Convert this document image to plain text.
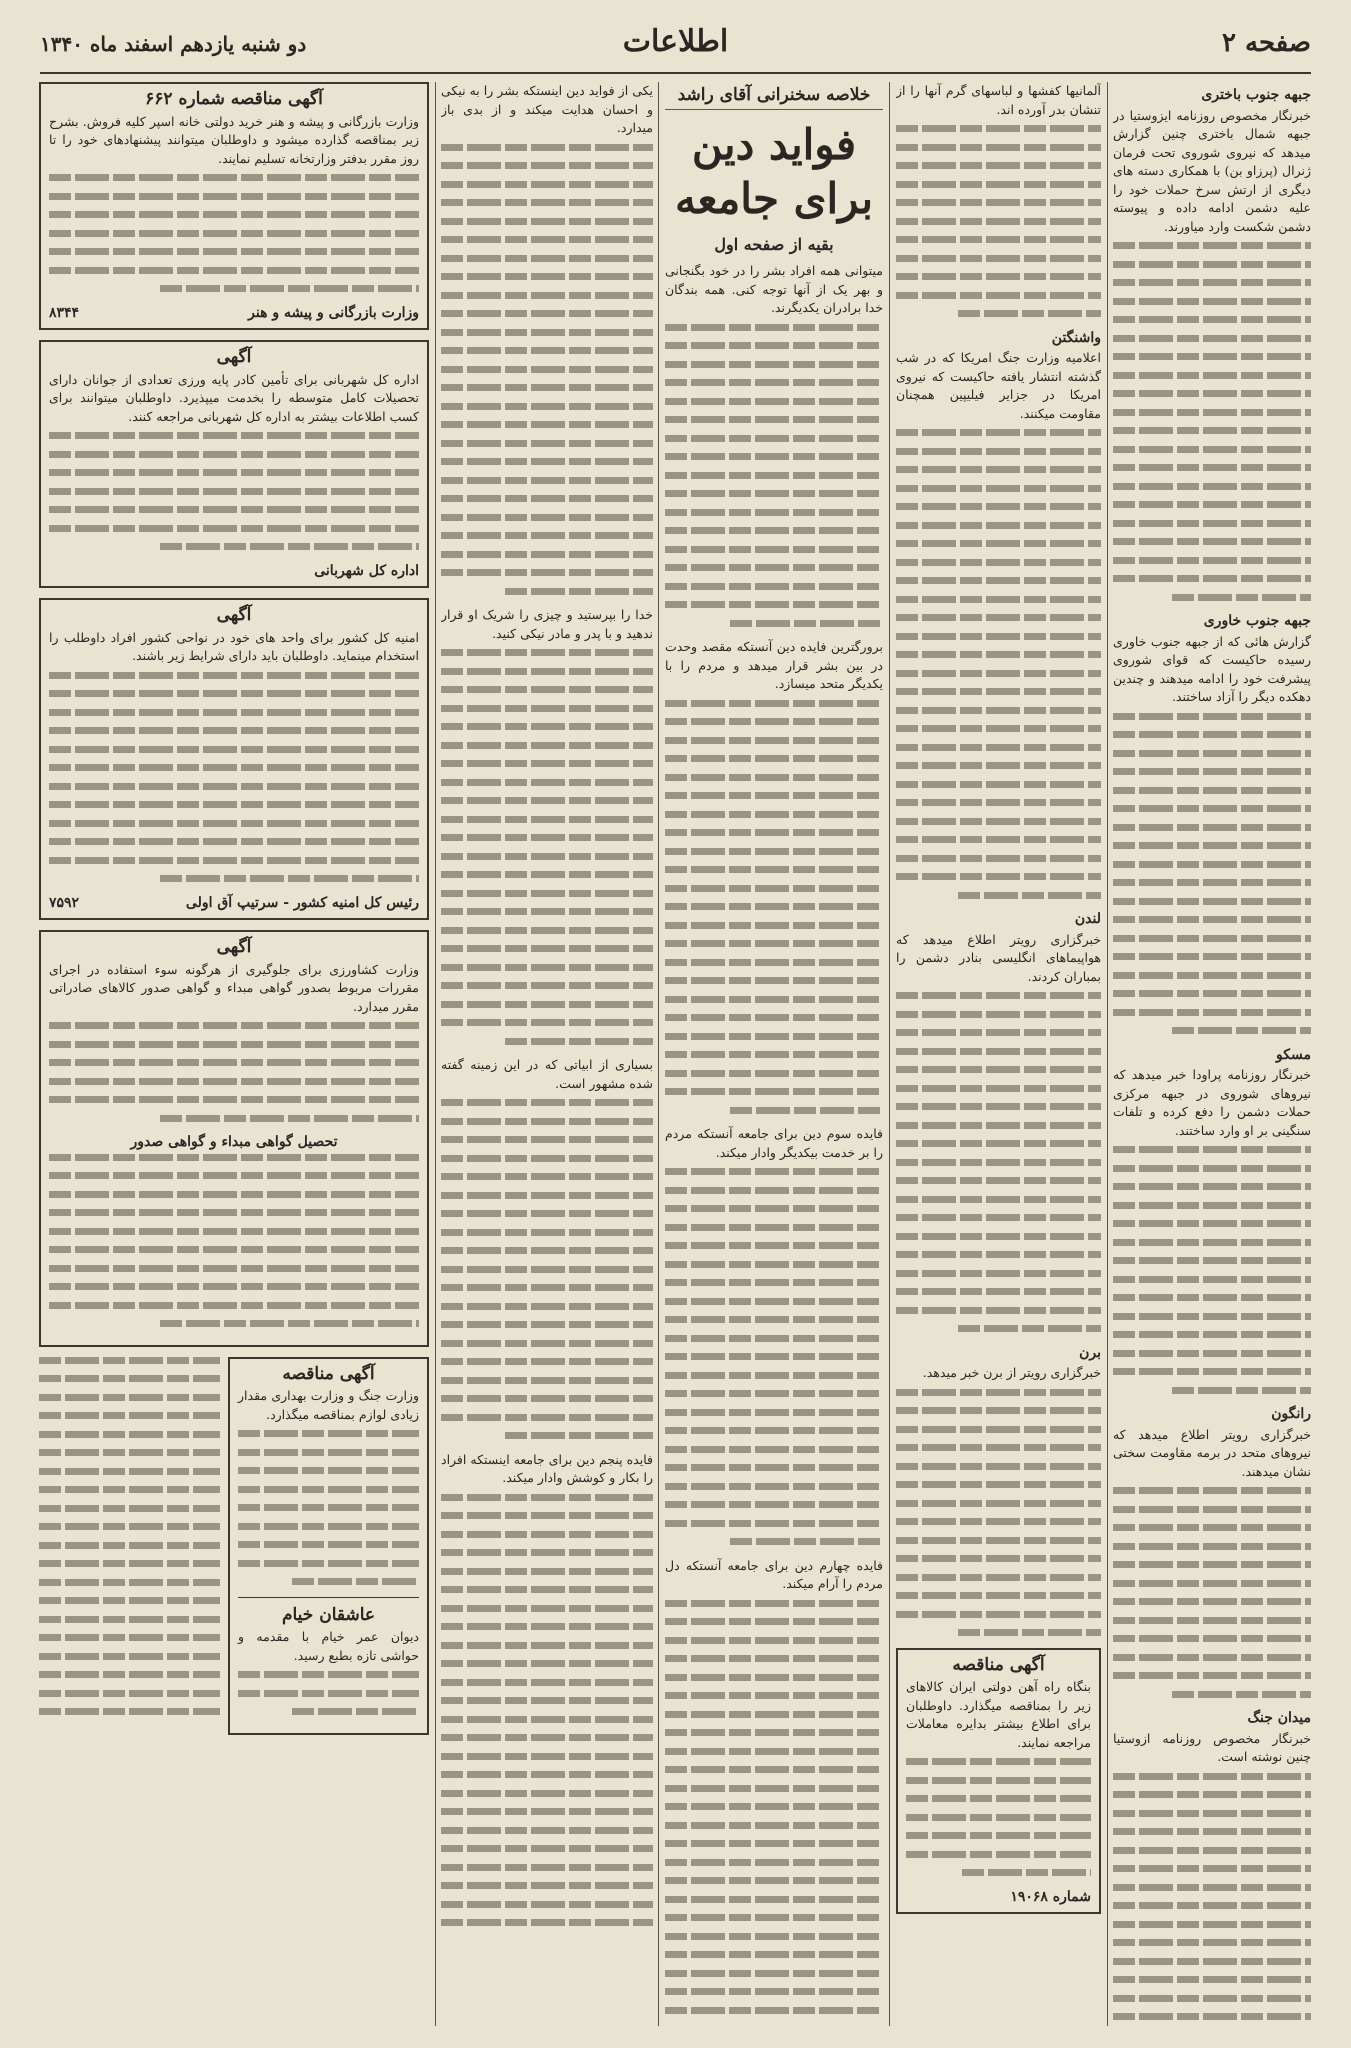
صفحه ۲
اطلاعات
دو شنبه یازدهم اسفند ماه ۱۳۴۰
جبهه جنوب باختری

خبرنگار مخصوص روزنامه ایزوستیا در جبهه شمال باختری چنین گزارش میدهد که نیروی شوروی تحت فرمان ژنرال (پرزاو بن) با همکاری دسته های دیگری از ارتش سرخ حملات خود را علیه دشمن ادامه داده و پیوسته دشمن شکست وارد میاورند.

جبهه جنوب خاوری

گزارش هائی که از جبهه جنوب خاوری رسیده حاکیست که قوای شوروی پیشرفت خود را ادامه میدهند و چندین دهکده دیگر را آزاد ساختند.

مسکو

خبرنگار روزنامه پراودا خبر میدهد که نیروهای شوروی در جبهه مرکزی حملات دشمن را دفع کرده و تلفات سنگینی بر او وارد ساختند.

رانگون

خبرگزاری رویتر اطلاع میدهد که نیروهای متحد در برمه مقاومت سختی نشان میدهند.

میدان جنگ

خبرنگار مخصوص روزنامه ازوستیا چنین نوشته است.

آلمانیها کفشها و لباسهای گرم آنها را از تنشان بدر آورده اند.

واشنگتن

اعلامیه وزارت جنگ امریکا که در شب گذشته انتشار یافته حاکیست که نیروی امریکا در جزایر فیلیپین همچنان مقاومت میکنند.

لندن

خبرگزاری رویتر اطلاع میدهد که هواپیماهای انگلیسی بنادر دشمن را بمباران کردند.

برن

خبرگزاری رویتر از برن خبر میدهد.

آگهی مناقصه

بنگاه راه آهن دولتی ایران کالاهای زیر را بمناقصه میگذارد. داوطلبان برای اطلاع بیشتر بدایره معاملات مراجعه نمایند.

شماره ۱۹۰۶۸
خلاصه سخنرانی آقای راشد
فواید دین برای جامعه
بقیه از صفحه اول

میتوانی همه افراد بشر را در خود بگنجانی و بهر یک از آنها توجه کنی. همه بندگان خدا برادران یکدیگرند.

برورگترین فایده دین آنستکه مقصد وحدت در بین بشر قرار میدهد و مردم را با یکدیگر متحد میسازد.

فایده سوم دین برای جامعه آنستکه مردم را بر خدمت بیکدیگر وادار میکند.

فایده چهارم دین برای جامعه آنستکه دل مردم را آرام میکند.

یکی از فواید دین اینستکه بشر را به نیکی و احسان هدایت میکند و از بدی باز میدارد.

خدا را بپرستید و چیزی را شریک او قرار ندهید و با پدر و مادر نیکی کنید.

بسیاری از ابیاتی که در این زمینه گفته شده مشهور است.

فایده پنجم دین برای جامعه اینستکه افراد را بکار و کوشش وادار میکند.

آگهی مناقصه شماره ۶۶۲

وزارت بازرگانی و پیشه و هنر خرید دولتی خانه اسپر کلیه فروش. بشرح زیر بمناقصه گذارده میشود و داوطلبان میتوانند پیشنهادهای خود را تا روز مقرر بدفتر وزارتخانه تسلیم نمایند.

وزارت بازرگانی و پیشه و هنر
۸۳۴۴
آگهی

اداره کل شهربانی برای تأمین کادر پایه ورزی تعدادی از جوانان دارای تحصیلات کامل متوسطه را بخدمت میپذیرد. داوطلبان میتوانند برای کسب اطلاعات بیشتر به اداره کل شهربانی مراجعه کنند.

اداره کل شهربانی
آگهی

امنیه کل کشور برای واحد های خود در نواحی کشور افراد داوطلب را استخدام مینماید. داوطلبان باید دارای شرایط زیر باشند.

رئیس کل امنیه کشور - سرتیپ آق اولی
۷۵۹۲
آگهی

وزارت کشاورزی برای جلوگیری از هرگونه سوء استفاده در اجرای مقررات مربوط بصدور گواهی مبداء و گواهی صدور کالاهای صادراتی مقرر میدارد.

تحصیل گواهی مبداء و گواهی صدور
آگهی مناقصه

وزارت جنگ و وزارت بهداری مقدار زیادی لوازم بمناقصه میگذارد.

عاشقان خیام

دیوان عمر خیام با مقدمه و حواشی تازه بطبع رسید.
